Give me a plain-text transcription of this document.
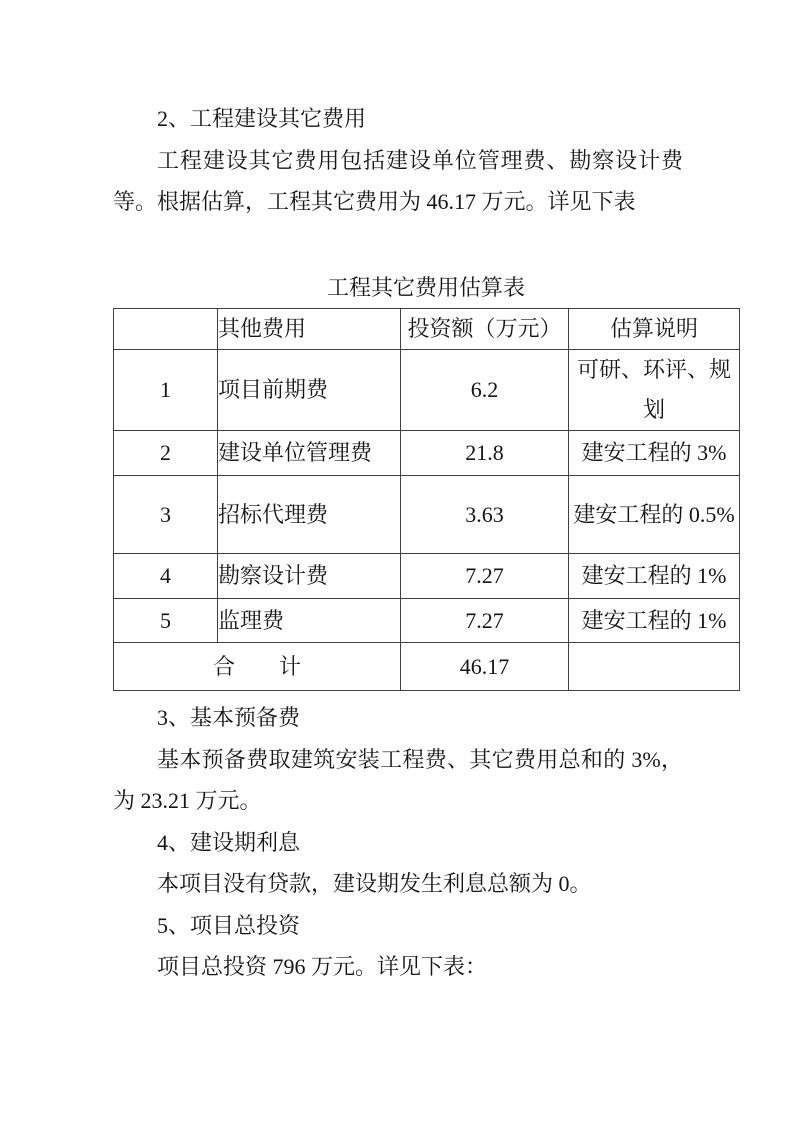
2、工程建设其它费用

工程建设其它费用包括建设单位管理费、勘察设计费等。根据估算，工程其它费用为 46.17 万元。详见下表

工程其它费用估算表
	其他费用	投资额（万元）	估算说明
1	项目前期费	6.2	可研、环评、规划
2	建设单位管理费	21.8	建安工程的 3%
3	招标代理费	3.63	建安工程的 0.5%
4	勘察设计费	7.27	建安工程的 1%
5	监理费	7.27	建安工程的 1%
合　　计		46.17	

3、基本预备费

基本预备费取建筑安装工程费、其它费用总和的 3%，为 23.21 万元。

4、建设期利息

本项目没有贷款，建设期发生利息总额为 0。

5、项目总投资

项目总投资 796 万元。详见下表：
